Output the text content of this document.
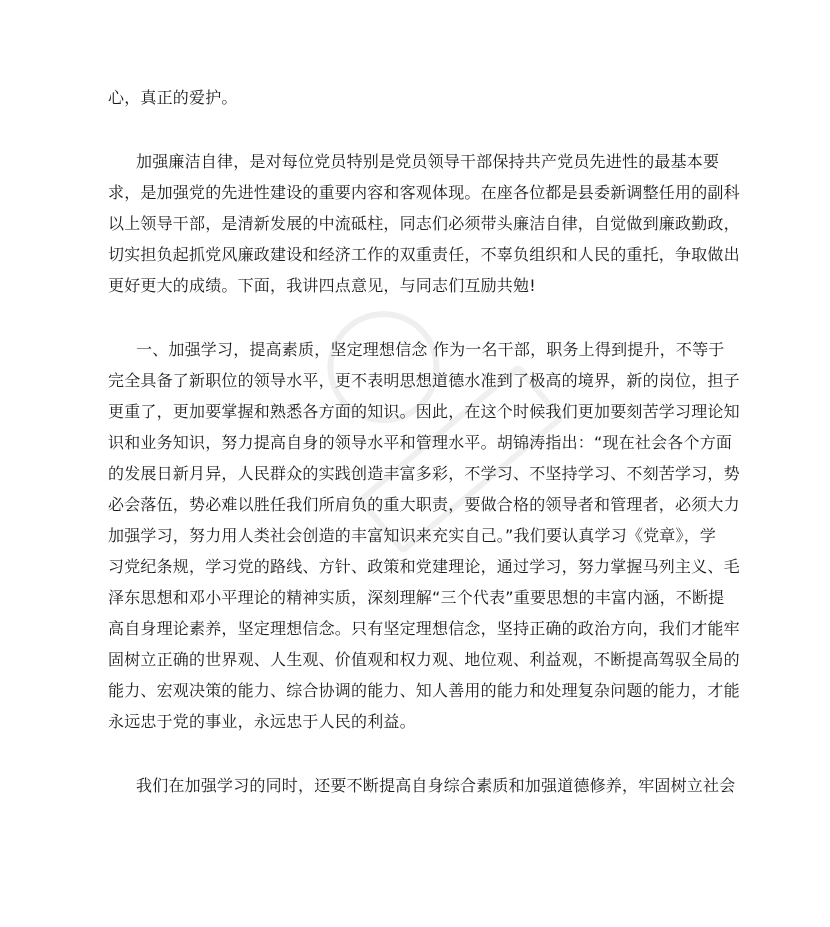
心，真正的爱护。
加强廉洁自律，是对每位党员特别是党员领导干部保持共产党员先进性的最基本要
求，是加强党的先进性建设的重要内容和客观体现。在座各位都是县委新调整任用的副科
以上领导干部，是清新发展的中流砥柱，同志们必须带头廉洁自律，自觉做到廉政勤政，
切实担负起抓党风廉政建设和经济工作的双重责任，不辜负组织和人民的重托，争取做出
更好更大的成绩。下面，我讲四点意见，与同志们互励共勉!
一、加强学习，提高素质，坚定理想信念 作为一名干部，职务上得到提升，不等于
完全具备了新职位的领导水平，更不表明思想道德水准到了极高的境界，新的岗位，担子
更重了，更加要掌握和熟悉各方面的知识。因此，在这个时候我们更加要刻苦学习理论知
识和业务知识，努力提高自身的领导水平和管理水平。胡锦涛指出：“现在社会各个方面
的发展日新月异，人民群众的实践创造丰富多彩，不学习、不坚持学习、不刻苦学习，势
必会落伍，势必难以胜任我们所肩负的重大职责，要做合格的领导者和管理者，必须大力
加强学习，努力用人类社会创造的丰富知识来充实自己。”我们要认真学习《党章》，学
习党纪条规，学习党的路线、方针、政策和党建理论，通过学习，努力掌握马列主义、毛
泽东思想和邓小平理论的精神实质，深刻理解“三个代表”重要思想的丰富内涵，不断提
高自身理论素养，坚定理想信念。只有坚定理想信念，坚持正确的政治方向，我们才能牢
固树立正确的世界观、人生观、价值观和权力观、地位观、利益观，不断提高驾驭全局的
能力、宏观决策的能力、综合协调的能力、知人善用的能力和处理复杂问题的能力，才能
永远忠于党的事业，永远忠于人民的利益。
我们在加强学习的同时，还要不断提高自身综合素质和加强道德修养，牢固树立社会
